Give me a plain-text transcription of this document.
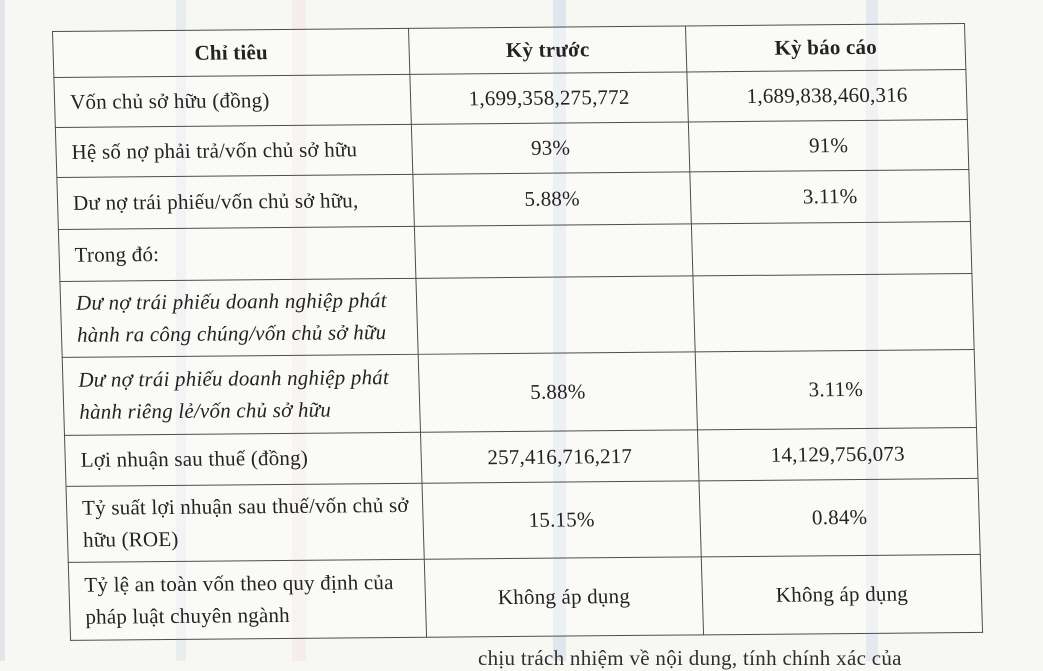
Chỉ tiêu	Kỳ trước	Kỳ báo cáo
Vốn chủ sở hữu (đồng)	1,699,358,275,772	1,689,838,460,316
Hệ số nợ phải trả/vốn chủ sở hữu	93%	91%
Dư nợ trái phiếu/vốn chủ sở hữu,	5.88%	3.11%
Trong đó:		
Dư nợ trái phiếu doanh nghiệp phát hành ra công chúng/vốn chủ sở hữu		
Dư nợ trái phiếu doanh nghiệp phát hành riêng lẻ/vốn chủ sở hữu	5.88%	3.11%
Lợi nhuận sau thuế (đồng)	257,416,716,217	14,129,756,073
Tỷ suất lợi nhuận sau thuế/vốn chủ sở hữu (ROE)	15.15%	0.84%
Tỷ lệ an toàn vốn theo quy định của pháp luật chuyên ngành	Không áp dụng	Không áp dụng
chịu trách nhiệm về nội dung, tính chính xác của
